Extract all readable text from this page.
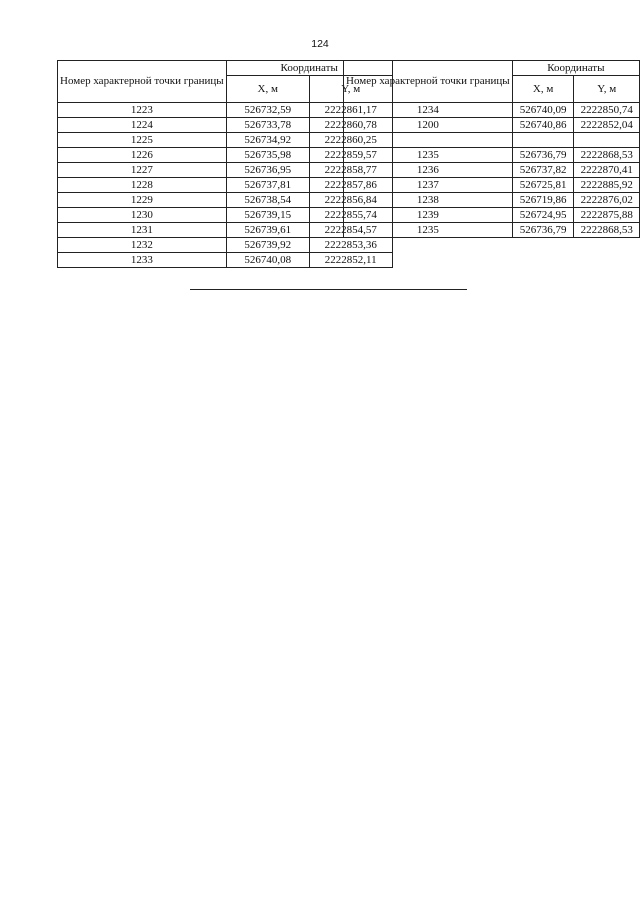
124
Номер характерной точки границы	Координаты	
	X, м	Y, м
1223	526732,59	2222861,17
1224	526733,78	2222860,78
1225	526734,92	2222860,25
1226	526735,98	2222859,57
1227	526736,95	2222858,77
1228	526737,81	2222857,86
1229	526738,54	2222856,84
1230	526739,15	2222855,74
1231	526739,61	2222854,57
1232	526739,92	2222853,36
1233	526740,08	2222852,11
Номер характерной точки границы	Координаты	
	X, м	Y, м
1234	526740,09	2222850,74
1200	526740,86	2222852,04

1235	526736,79	2222868,53
1236	526737,82	2222870,41
1237	526725,81	2222885,92
1238	526719,86	2222876,02
1239	526724,95	2222875,88
1235	526736,79	2222868,53
